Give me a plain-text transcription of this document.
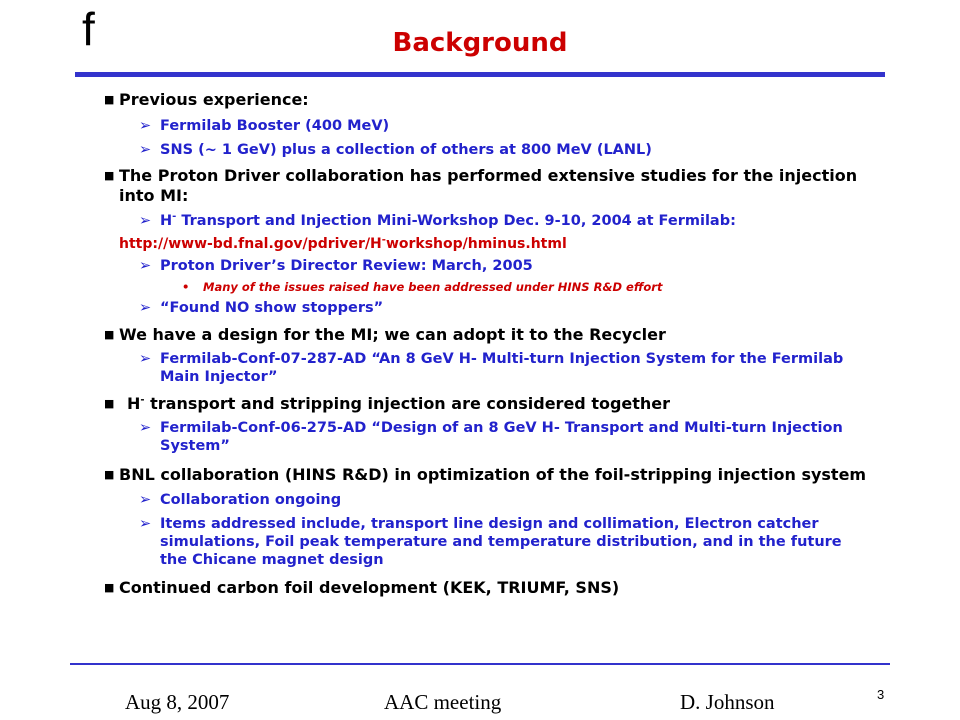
f	Background
■ Previous experience:
➢ Fermilab Booster (400 MeV)
➢ SNS (~ 1 GeV) plus a collection of others at 800 MeV (LANL)
■ The Proton Driver collaboration has performed extensive studies for the injection into MI:
➢ H- Transport and Injection Mini-Workshop Dec. 9-10, 2004 at Fermilab:
http://www-bd.fnal.gov/pdriver/H-workshop/hminus.html
➢ Proton Driver’s Director Review: March, 2005
• Many of the issues raised have been addressed under HINS R&D effort
➢ “Found NO show stoppers”
■ We have a design for the MI; we can adopt it to the Recycler
➢ Fermilab-Conf-07-287-AD “An 8 GeV H- Multi-turn Injection System for the Fermilab Main Injector”
■ H- transport and stripping injection are considered together
➢ Fermilab-Conf-06-275-AD “Design of an 8 GeV H- Transport and Multi-turn Injection System”
■ BNL collaboration (HINS R&D) in optimization of the foil-stripping injection system
➢ Collaboration ongoing
➢ Items addressed include, transport line design and collimation, Electron catcher simulations, Foil peak temperature and temperature distribution, and in the future the Chicane magnet design
■ Continued carbon foil development (KEK, TRIUMF, SNS)
Aug 8, 2007	AAC meeting	D. Johnson	3
